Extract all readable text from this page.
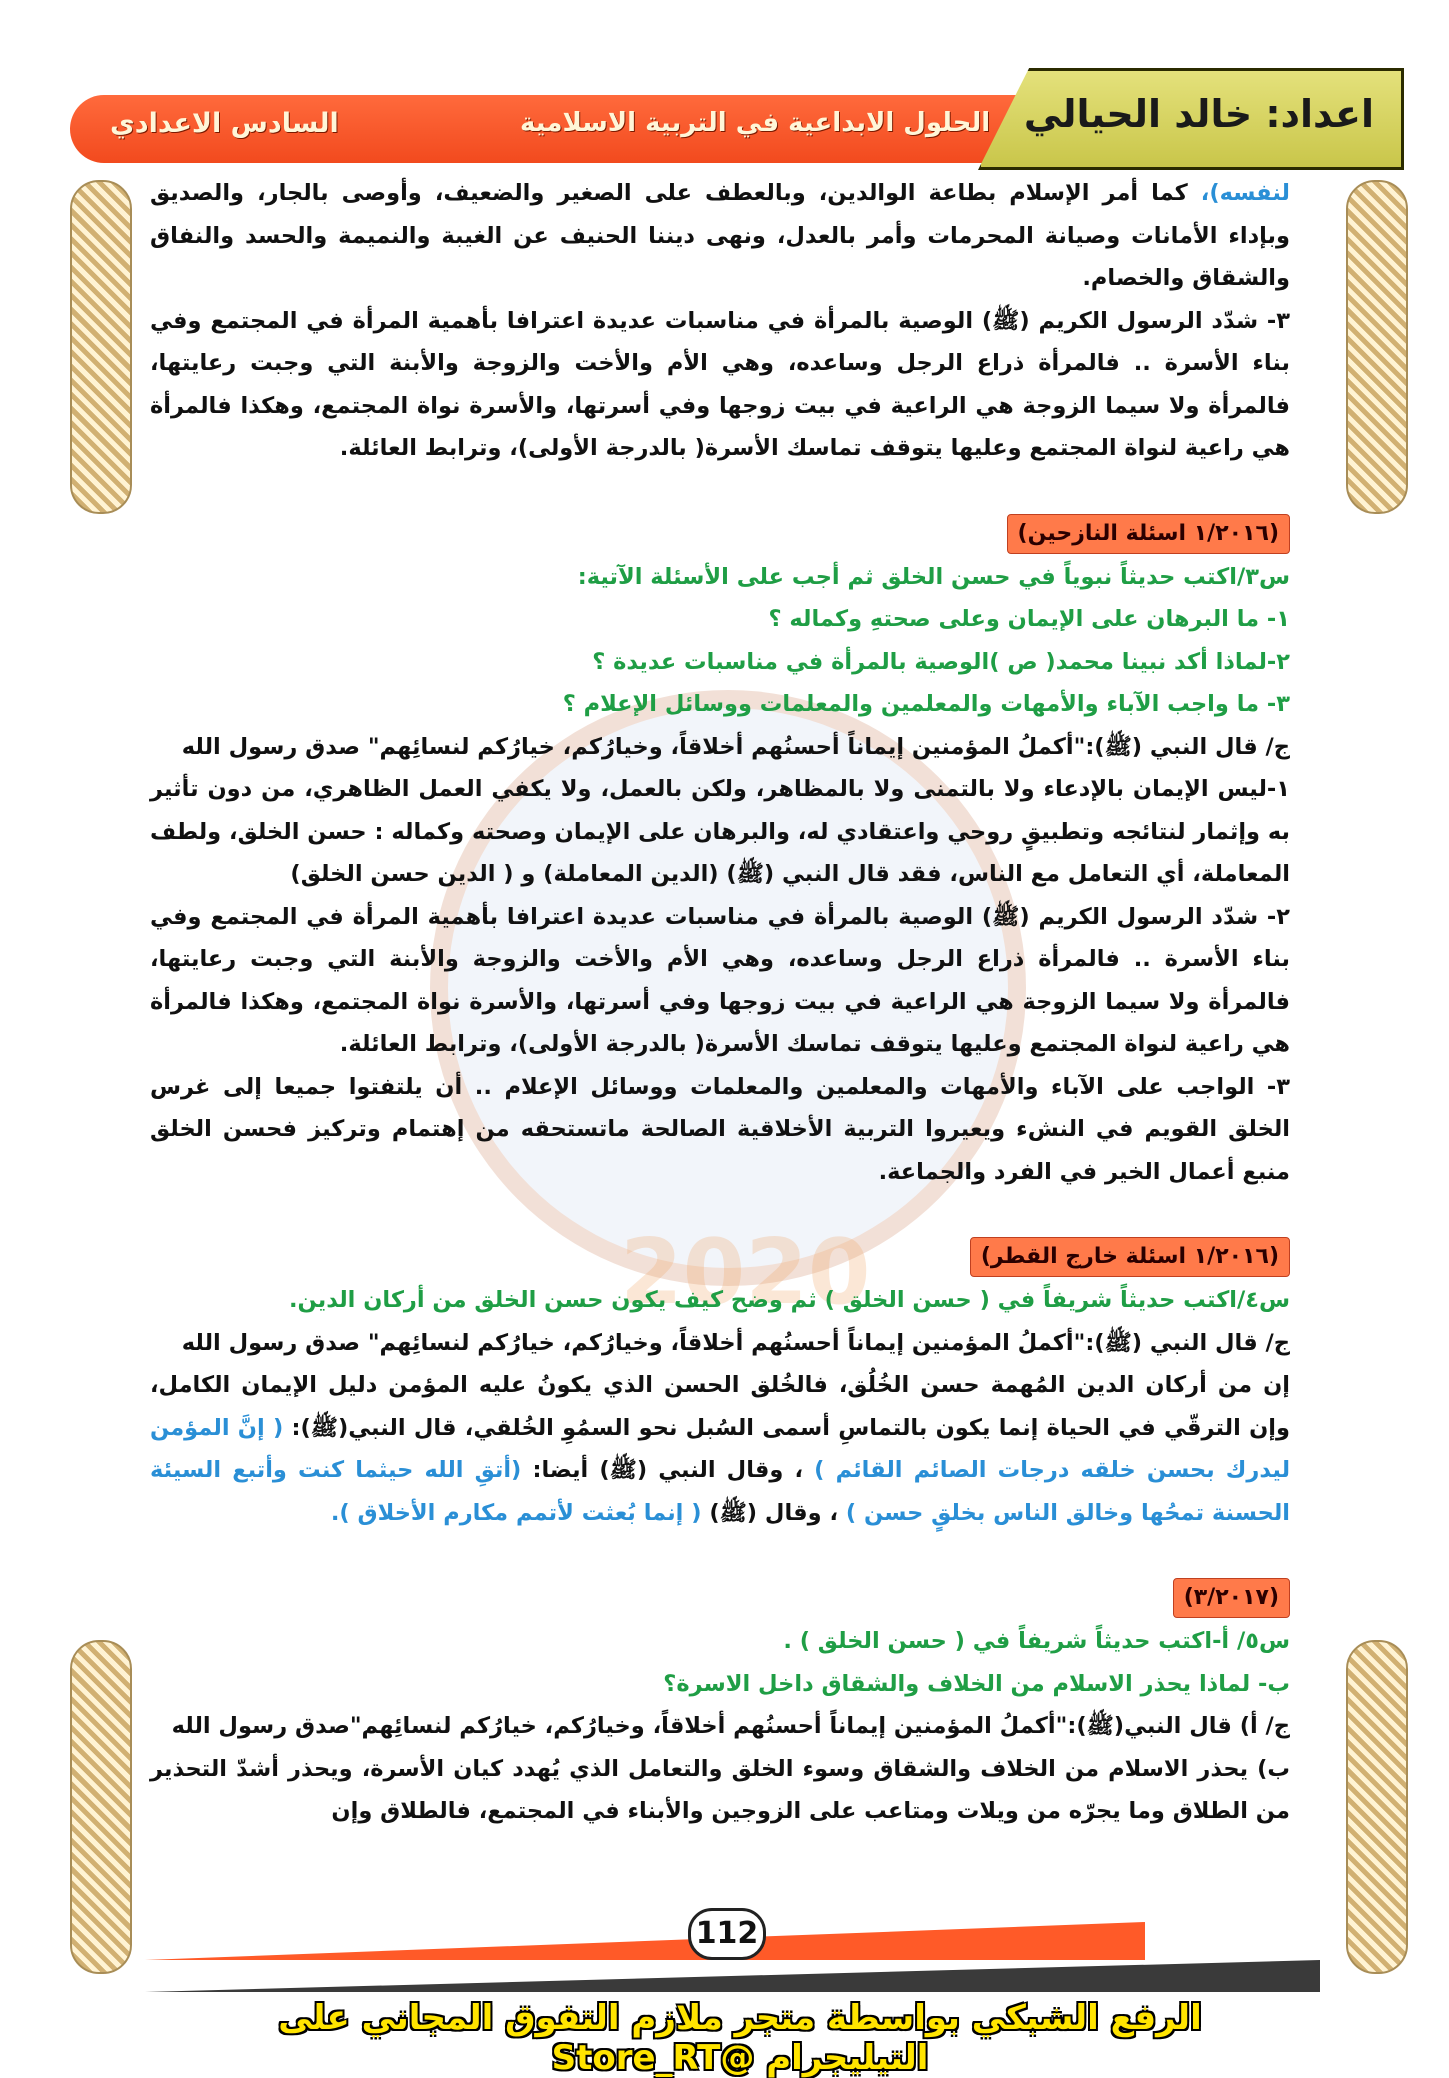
2020
اعداد: خالد الحيالي
الحلول الابداعية في التربية الاسلامية
السادس الاعدادي

لنفسه)، كما أمر الإسلام بطاعة الوالدين، وبالعطف على الصغير والضعيف، وأوصى بالجار، والصديق وبإداء الأمانات وصيانة المحرمات وأمر بالعدل، ونهى ديننا الحنيف عن الغيبة والنميمة والحسد والنفاق والشقاق والخصام.

٣- شدّد الرسول الكريم (ﷺ) الوصية بالمرأة في مناسبات عديدة اعترافا بأهمية المرأة في المجتمع وفي بناء الأسرة .. فالمرأة ذراع الرجل وساعده، وهي الأم والأخت والزوجة والأبنة التي وجبت رعايتها، فالمرأة ولا سيما الزوجة هي الراعية في بيت زوجها وفي أسرتها، والأسرة نواة المجتمع، وهكذا فالمرأة هي راعية لنواة المجتمع وعليها يتوقف تماسك الأسرة( بالدرجة الأولى)، وترابط العائلة.

(١/٢٠١٦ اسئلة النازحين)

س٣/اكتب حديثاً نبوياً في حسن الخلق ثم أجب على الأسئلة الآتية:

١- ما البرهان على الإيمان وعلى صحتهِ وكماله ؟

٢-لماذا أكد نبينا محمد( ص )الوصية بالمرأة في مناسبات عديدة ؟

٣- ما واجب الآباء والأمهات والمعلمين والمعلمات ووسائل الإعلام ؟

ج/ قال النبي (ﷺ):"أكملُ المؤمنين إيماناً أحسنُهم أخلاقاً، وخيارُكم، خيارُكم لنسائِهم" صدق رسول الله

١-ليس الإيمان بالإدعاء ولا بالتمنى ولا بالمظاهر، ولكن بالعمل، ولا يكفي العمل الظاهري، من دون تأثير به وإثمار لنتائجه وتطبيقٍ روحي واعتقادي له، والبرهان على الإيمان وصحته وكماله : حسن الخلق، ولطف المعاملة، أي التعامل مع الناس، فقد قال النبي (ﷺ) (الدين المعاملة) و ( الدين حسن الخلق)

٢- شدّد الرسول الكريم (ﷺ) الوصية بالمرأة في مناسبات عديدة اعترافا بأهمية المرأة في المجتمع وفي بناء الأسرة .. فالمرأة ذراع الرجل وساعده، وهي الأم والأخت والزوجة والأبنة التي وجبت رعايتها، فالمرأة ولا سيما الزوجة هي الراعية في بيت زوجها وفي أسرتها، والأسرة نواة المجتمع، وهكذا فالمرأة هي راعية لنواة المجتمع وعليها يتوقف تماسك الأسرة( بالدرجة الأولى)، وترابط العائلة.

٣- الواجب على الآباء والأمهات والمعلمين والمعلمات ووسائل الإعلام .. أن يلتفتوا جميعا إلى غرس الخلق القويم في النشء ويعيروا التربية الأخلاقية الصالحة ماتستحقه من إهتمام وتركيز فحسن الخلق منبع أعمال الخير في الفرد والجماعة.

(١/٢٠١٦ اسئلة خارج القطر)

س٤/اكتب حديثاً شريفاً في ( حسن الخلق ) ثم وضح كيف يكون حسن الخلق من أركان الدين.

ج/ قال النبي (ﷺ):"أكملُ المؤمنين إيماناً أحسنُهم أخلاقاً، وخيارُكم، خيارُكم لنسائِهم" صدق رسول الله

إن من أركان الدين المُهمة حسن الخُلُق، فالخُلق الحسن الذي يكونُ عليه المؤمن دليل الإيمان الكامل، وإن الترقّي في الحياة إنما يكون بالتماسِ أسمى السُبل نحو السمُوِ الخُلقي، قال النبي(ﷺ): ( إنَّ المؤمن ليدرك بحسن خلقه درجات الصائم القائم ) ، وقال النبي (ﷺ) أيضا: (أتقِ الله حيثما كنت وأتبع السيئة الحسنة تمحُها وخالق الناس بخلقٍ حسن ) ، وقال (ﷺ) ( إنما بُعثت لأتمم مكارم الأخلاق ).

(٣/٢٠١٧)

س٥/ أ-اكتب حديثاً شريفاً في ( حسن الخلق ) .

ب- لماذا يحذر الاسلام من الخلاف والشقاق داخل الاسرة؟

ج/ أ) قال النبي(ﷺ):"أكملُ المؤمنين إيماناً أحسنُهم أخلاقاً، وخيارُكم، خيارُكم لنسائِهم"صدق رسول الله

ب) يحذر الاسلام من الخلاف والشقاق وسوء الخلق والتعامل الذي يُهدد كيان الأسرة، ويحذر أشدّ التحذير من الطلاق وما يجرّه من ويلات ومتاعب على الزوجين والأبناء في المجتمع، فالطلاق وإن

112
الرفع الشبكي بواسطة متجر ملازم التفوق المجاني على التيليجرام @Store_RT
